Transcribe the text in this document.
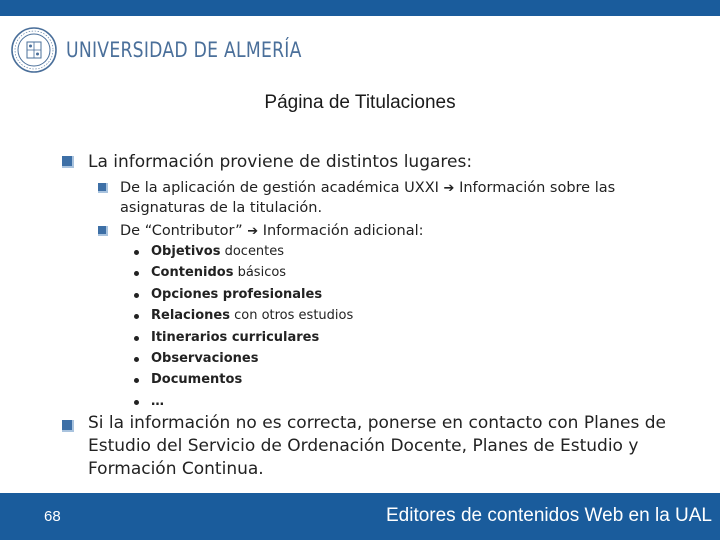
UNIVERSIDAD DE ALMERÍA
Página de Titulaciones
La información proviene de distintos lugares:
De la aplicación de gestión académica UXXI ➔ Información sobre las
asignaturas de la titulación.
De “Contributor” ➔ Información adicional:
Objetivos docentes
Contenidos básicos
Opciones profesionales
Relaciones con otros estudios
Itinerarios curriculares
Observaciones
Documentos
…
Si la información no es correcta, ponerse en contacto con Planes de
Estudio del Servicio de Ordenación Docente, Planes de Estudio y
Formación Continua.
68	Editores de contenidos Web en la UAL
